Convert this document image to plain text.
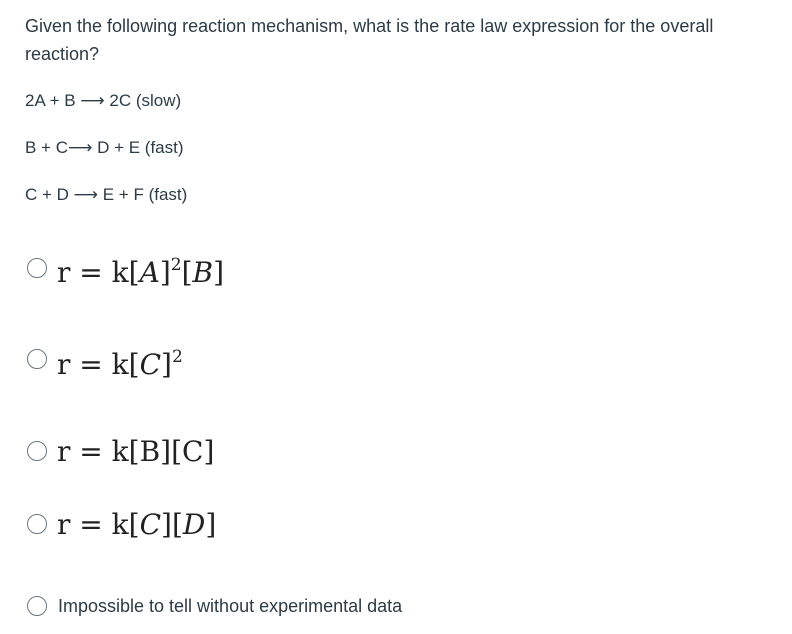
Given the following reaction mechanism, what is the rate law expression for the overall reaction?

2A + B ⟶ 2C (slow)
B + C⟶ D + E (fast)
C + D ⟶ E + F (fast)
$r = k[A]^2[B]$
$r = k[C]^2$
r = k[B][C]
r = k[C][D]
Impossible to tell without experimental data
